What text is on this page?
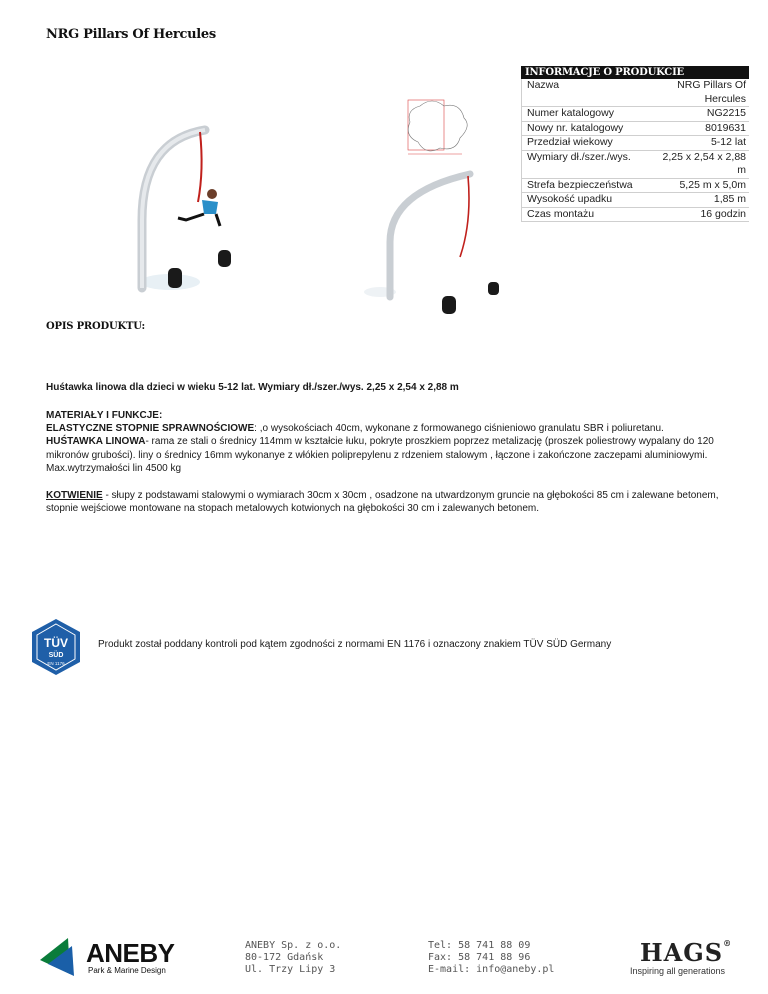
NRG Pillars Of Hercules
INFORMACJE O PRODUKCIE
Nazwa	NRG Pillars Of Hercules
Numer katalogowy	NG2215
Nowy nr. katalogowy	8019631
Przedział wiekowy	5-12 lat
Wymiary dł./szer./wys.	2,25 x 2,54 x 2,88 m
Strefa bezpieczeństwa	5,25 m x 5,0m
Wysokość upadku	1,85 m
Czas montażu	16 godzin
OPIS PRODUKTU:
Huśtawka linowa dla dzieci w wieku 5-12 lat. Wymiary dł./szer./wys. 2,25 x 2,54 x 2,88 m
MATERIAŁY I FUNKCJE:
ELASTYCZNE STOPNIE SPRAWNOŚCIOWE: ,o wysokościach 40cm, wykonane z formowanego ciśnieniowo granulatu SBR i poliuretanu.
HUŚTAWKA LINOWA- rama ze stali o średnicy 114mm w kształcie łuku, pokryte proszkiem poprzez metalizację (proszek poliestrowy wypalany do 120 mikronów grubości). liny o średnicy 16mm wykonanye z włókien poliprepylenu z rdzeniem stalowym , łączone i zakończone zaczepami aluminiowymi.
Max.wytrzymałości lin 4500 kg
KOTWIENIE - słupy z podstawami stalowymi o wymiarach 30cm x 30cm , osadzone na utwardzonym gruncie na głębokości 85 cm i zalewane betonem, stopnie wejściowe montowane na stopach metalowych kotwionych na głębokości 30 cm i zalewanych betonem.
TÜV
SÜD
EN 1176
Produkt został poddany kontroli pod kątem zgodności z normami EN 1176 i oznaczony znakiem TÜV SÜD Germany
ANEBY
Park & Marine Design
ANEBY Sp. z o.o.
80-172 Gdańsk
Ul. Trzy Lipy 3
Tel: 58 741 88 09
Fax: 58 741 88 96
E-mail: info@aneby.pl
HAGS®
Inspiring all generations
